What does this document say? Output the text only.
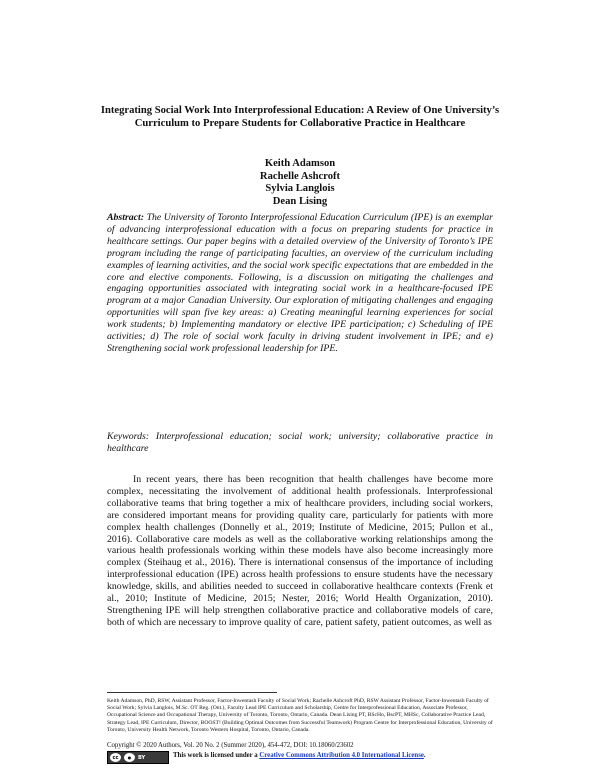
Integrating Social Work Into Interprofessional Education: A Review of One University’s Curriculum to Prepare Students for Collaborative Practice in Healthcare
Keith Adamson
Rachelle Ashcroft
Sylvia Langlois
Dean Lising
Abstract: The University of Toronto Interprofessional Education Curriculum (IPE) is an exemplar of advancing interprofessional education with a focus on preparing students for practice in healthcare settings. Our paper begins with a detailed overview of the University of Toronto’s IPE program including the range of participating faculties, an overview of the curriculum including examples of learning activities, and the social work specific expectations that are embedded in the core and elective components. Following, is a discussion on mitigating the challenges and engaging opportunities associated with integrating social work in a healthcare-focused IPE program at a major Canadian University. Our exploration of mitigating challenges and engaging opportunities will span five key areas: a) Creating meaningful learning experiences for social work students; b) Implementing mandatory or elective IPE participation; c) Scheduling of IPE activities; d) The role of social work faculty in driving student involvement in IPE; and e) Strengthening social work professional leadership for IPE.
Keywords: Interprofessional education; social work; university; collaborative practice in healthcare
In recent years, there has been recognition that health challenges have become more complex, necessitating the involvement of additional health professionals. Interprofessional collaborative teams that bring together a mix of healthcare providers, including social workers, are considered important means for providing quality care, particularly for patients with more complex health challenges (Donnelly et al., 2019; Institute of Medicine, 2015; Pullon et al., 2016). Collaborative care models as well as the collaborative working relationships among the various health professionals working within these models have also become increasingly more complex (Steihaug et al., 2016). There is international consensus of the importance of including interprofessional education (IPE) across health professions to ensure students have the necessary knowledge, skills, and abilities needed to succeed in collaborative healthcare contexts (Frenk et al., 2010; Institute of Medicine, 2015; Nester, 2016; World Health Organization, 2010). Strengthening IPE will help strengthen collaborative practice and collaborative models of care, both of which are necessary to improve quality of care, patient safety, patient outcomes, as well as
Keith Adamson, PhD, RSW, Assistant Professor, Factor-Inwentash Faculty of Social Work; Rachelle Ashcroft PhD, RSW Assistant Professor, Factor-Inwentash Faculty of Social Work; Sylvia Langlois, M.Sc. OT Reg. (Ont.), Faculty Lead IPE Curriculum and Scholarship, Centre for Interprofessional Education, Associate Professor, Occupational Science and Occupational Therapy, University of Toronto, Toronto, Ontario, Canada. Dean Lising PT, BScHo, BscPT, MHSc, Collaborative Practice Lead, Strategy Lead, IPE Curriculum, Director, BOOST! (Building Optimal Outcomes from Successful Teamwork) Program Centre for Interprofessional Education, University of Toronto, University Health Network, Toronto Western Hospital, Toronto, Ontario, Canada.
Copyright © 2020 Authors, Vol. 20 No. 2 (Summer 2020), 454-472, DOI: 10.18060/23602
cc	●	BY	This work is licensed under a Creative Commons Attribution 4.0 International License.
